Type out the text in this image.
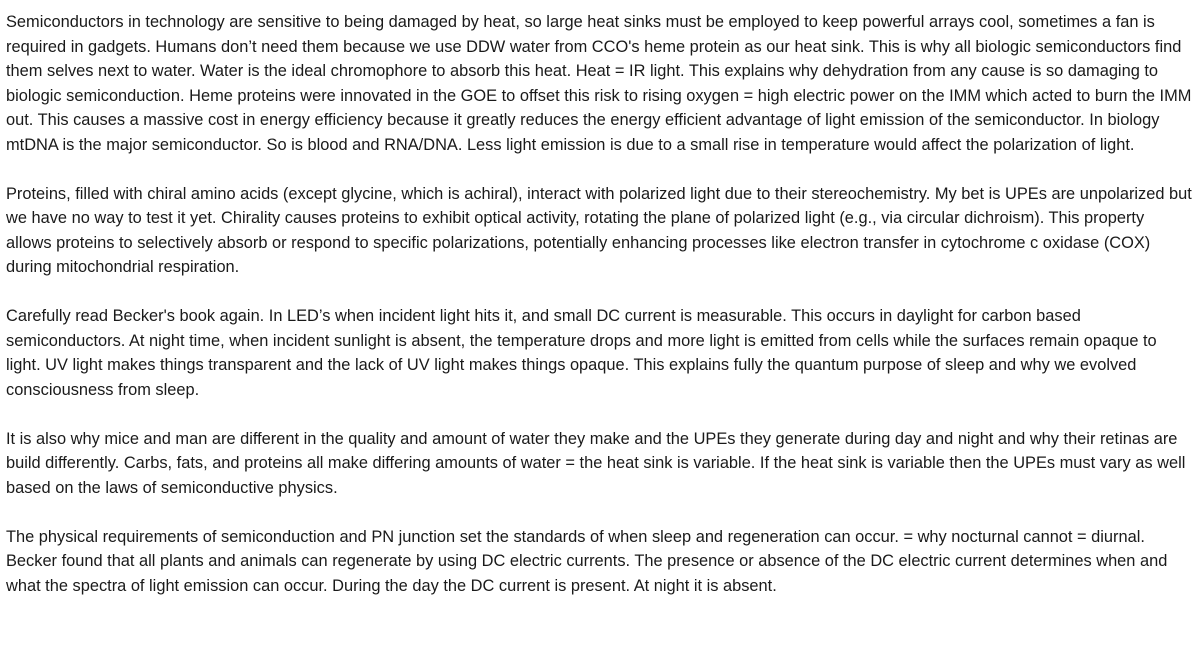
Semiconductors in technology are sensitive to being damaged by heat, so large heat sinks must be employed to keep powerful arrays cool, sometimes a fan is required in gadgets. Humans don’t need them because we use DDW water from CCO's heme protein as our heat sink. This is why all biologic semiconductors find them selves next to water. Water is the ideal chromophore to absorb this heat. Heat = IR light. This explains why dehydration from any cause is so damaging to biologic semiconduction. Heme proteins were innovated in the GOE to offset this risk to rising oxygen = high electric power on the IMM which acted to burn the IMM out. This causes a massive cost in energy efficiency because it greatly reduces the energy efficient advantage of light emission of the semiconductor. In biology mtDNA is the major semiconductor. So is blood and RNA/DNA. Less light emission is due to a small rise in temperature would affect the polarization of light.

Proteins, filled with chiral amino acids (except glycine, which is achiral), interact with polarized light due to their stereochemistry. My bet is UPEs are unpolarized but we have no way to test it yet. Chirality causes proteins to exhibit optical activity, rotating the plane of polarized light (e.g., via circular dichroism). This property allows proteins to selectively absorb or respond to specific polarizations, potentially enhancing processes like electron transfer in cytochrome c oxidase (COX) during mitochondrial respiration.

Carefully read Becker's book again. In LED’s when incident light hits it, and small DC current is measurable. This occurs in daylight for carbon based semiconductors. At night time, when incident sunlight is absent, the temperature drops and more light is emitted from cells while the surfaces remain opaque to light. UV light makes things transparent and the lack of UV light makes things opaque. This explains fully the quantum purpose of sleep and why we evolved consciousness from sleep.

It is also why mice and man are different in the quality and amount of water they make and the UPEs they generate during day and night and why their retinas are build differently. Carbs, fats, and proteins all make differing amounts of water = the heat sink is variable. If the heat sink is variable then the UPEs must vary as well based on the laws of semiconductive physics.

The physical requirements of semiconduction and PN junction set the standards of when sleep and regeneration can occur. = why nocturnal cannot = diurnal. Becker found that all plants and animals can regenerate by using DC electric currents. The presence or absence of the DC electric current determines when and what the spectra of light emission can occur. During the day the DC current is present. At night it is absent.
